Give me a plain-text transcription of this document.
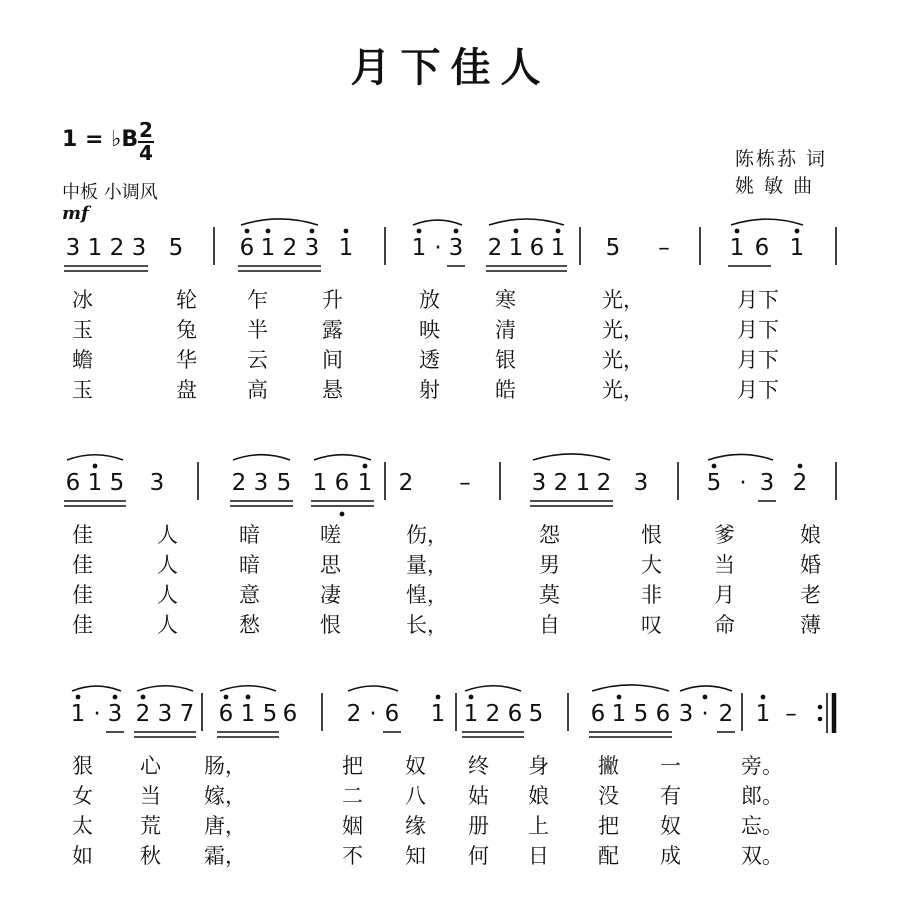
月下佳人
1 = ♭B 2
4
中板 小调风
mf
陈栋荪 词
姚 敏 曲
3 1 2 3 5 6 1 2 3 1	1 · 3 2 1 6 1 5 –	1 6 1
冰	轮 乍	升	放	寒	光，	月下
玉	兔 半	露	映	清	光，	月下
蟾	华 云	间	透	银	光，	月下
玉	盘 高	悬	射	皓	光，	月下
6 1 5 3	2 3 5 1 6 1 2 –	3 2 1 2 3	5 · 3 2
佳	人	暗	嗟	伤，	怨	恨 爹	娘
佳	人	暗	思	量，	男	大 当	婚
佳	人	意	凄	惶，	莫	非 月	老
佳	人	愁	恨	长，	自	叹 命	薄
1 · 3 2 3 7 6 1 5 6 2 · 6 1 1 2 6 5 6 1 5 6 3 · 2 1 –
狠 心 肠，	把 奴 终 身 撇 一	旁。
女 当 嫁，	二 八 姑 娘 没 有	郎。
太 荒 唐，	姻 缘 册 上 把 奴	忘。
如 秋 霜，	不 知 何 日 配 成	双。
